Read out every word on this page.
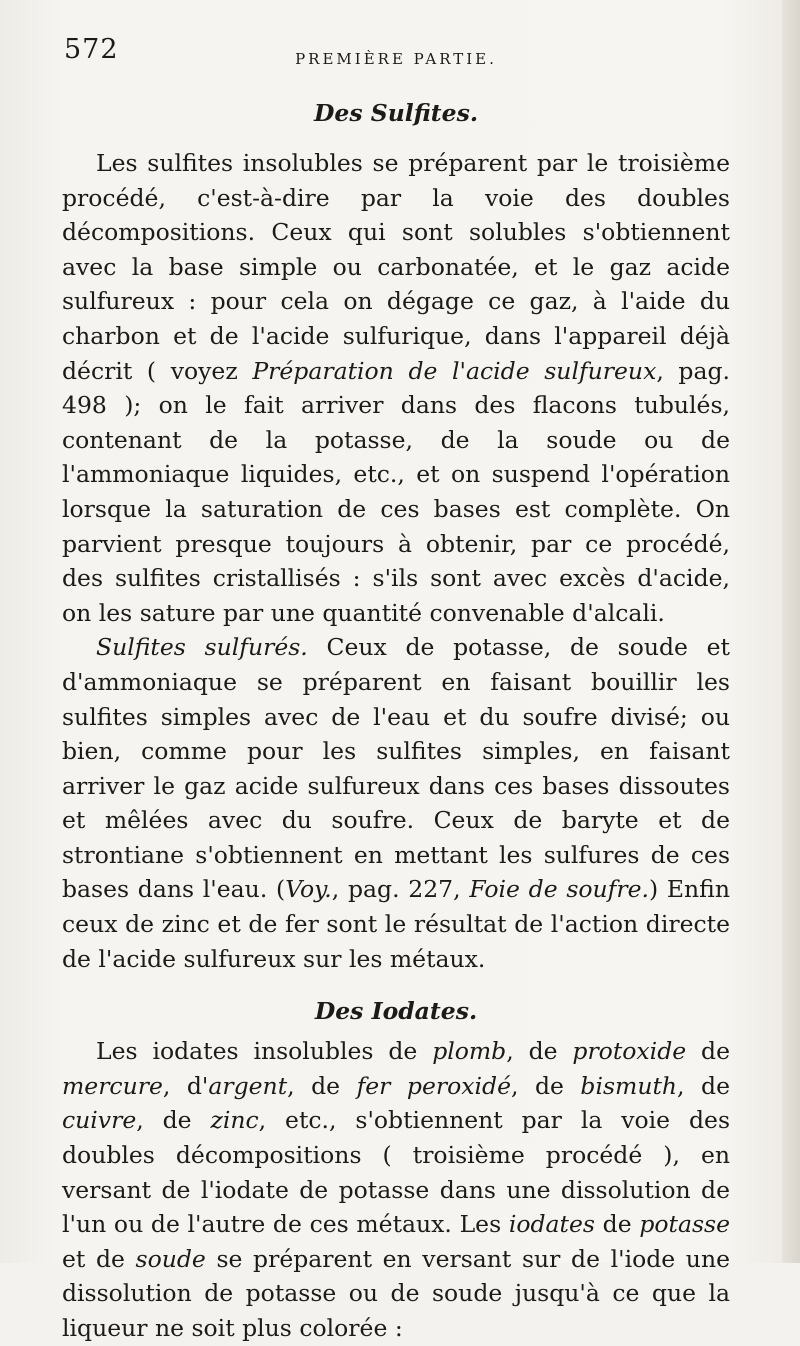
572	PREMIÈRE PARTIE.
Des Sulfites.

Les sulfites insolubles se préparent par le troisième procédé, c'est-à-dire par la voie des doubles décompositions. Ceux qui sont solubles s'obtiennent avec la base simple ou carbonatée, et le gaz acide sulfureux : pour cela on dégage ce gaz, à l'aide du charbon et de l'acide sulfurique, dans l'appareil déjà décrit ( voyez Préparation de l'acide sulfureux, pag. 498 ); on le fait arriver dans des flacons tubulés, contenant de la potasse, de la soude ou de l'ammoniaque liquides, etc., et on suspend l'opération lorsque la saturation de ces bases est complète. On parvient presque toujours à obtenir, par ce procédé, des sulfites cristallisés : s'ils sont avec excès d'acide, on les sature par une quantité convenable d'alcali.

Sulfites sulfurés. Ceux de potasse, de soude et d'ammoniaque se préparent en faisant bouillir les sulfites simples avec de l'eau et du soufre divisé; ou bien, comme pour les sulfites simples, en faisant arriver le gaz acide sulfureux dans ces bases dissoutes et mêlées avec du soufre. Ceux de baryte et de strontiane s'obtiennent en mettant les sulfures de ces bases dans l'eau. (Voy., pag. 227, Foie de soufre.) Enfin ceux de zinc et de fer sont le résultat de l'action directe de l'acide sulfureux sur les métaux.

Des Iodates.

Les iodates insolubles de plomb, de protoxide de mercure, d'argent, de fer peroxidé, de bismuth, de cuivre, de zinc, etc., s'obtiennent par la voie des doubles décompositions ( troisième procédé ), en versant de l'iodate de potasse dans une dissolution de l'un ou de l'autre de ces métaux. Les iodates de potasse et de soude se préparent en versant sur de l'iode une dissolution de potasse ou de soude jusqu'à ce que la liqueur ne soit plus colorée :
